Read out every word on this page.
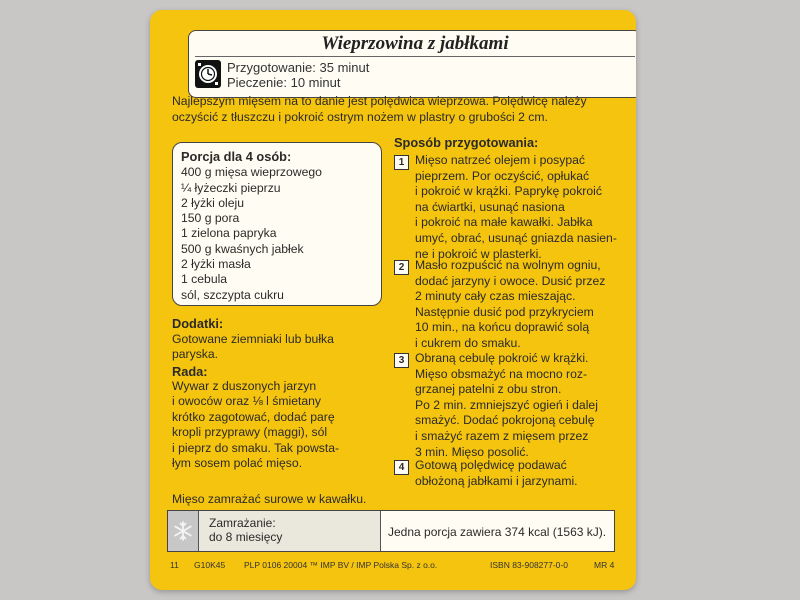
Wieprzowina z jabłkami
Przygotowanie: 35 minut
Pieczenie: 10 minut
Najlepszym mięsem na to danie jest polędwica wieprzowa. Polędwicę należy
oczyścić z tłuszczu i pokroić ostrym nożem w plastry o grubości 2 cm.
Porcja dla 4 osób:
400 g mięsa wieprzowego
¼ łyżeczki pieprzu
2 łyżki oleju
150 g pora
1 zielona papryka
500 g kwaśnych jabłek
2 łyżki masła
1 cebula
sól, szczypta cukru
Dodatki:
Gotowane ziemniaki lub bułka
paryska.
Rada:
Wywar z duszonych jarzyn
i owoców oraz ⅛ l śmietany
krótko zagotować, dodać parę
kropli przyprawy (maggi), sól
i pieprz do smaku. Tak powsta-
łym sosem polać mięso.
Sposób przygotowania:
1 Mięso natrzeć olejem i posypać
pieprzem. Por oczyścić, opłukać
i pokroić w krążki. Paprykę pokroić
na ćwiartki, usunąć nasiona
i pokroić na małe kawałki. Jabłka
umyć, obrać, usunąć gniazda nasien-
ne i pokroić w plasterki.
2 Masło rozpuścić na wolnym ogniu,
dodać jarzyny i owoce. Dusić przez
2 minuty cały czas mieszając.
Następnie dusić pod przykryciem
10 min., na końcu doprawić solą
i cukrem do smaku.
3 Obraną cebulę pokroić w krążki.
Mięso obsmażyć na mocno roz-
grzanej patelni z obu stron.
Po 2 min. zmniejszyć ogień i dalej
smażyć. Dodać pokrojoną cebulę
i smażyć razem z mięsem przez
3 min. Mięso posolić.
4 Gotową polędwicę podawać
obłożoną jabłkami i jarzynami.
Mięso zamrażać surowe w kawałku.
Zamrażanie:
do 8 miesięcy	Jedna porcja zawiera 374 kcal (1563 kJ).
11 G10K45 PLP 0106 20004 ™ IMP BV / IMP Polska Sp. z o.o.	ISBN 83-908277-0-0	MR 4
